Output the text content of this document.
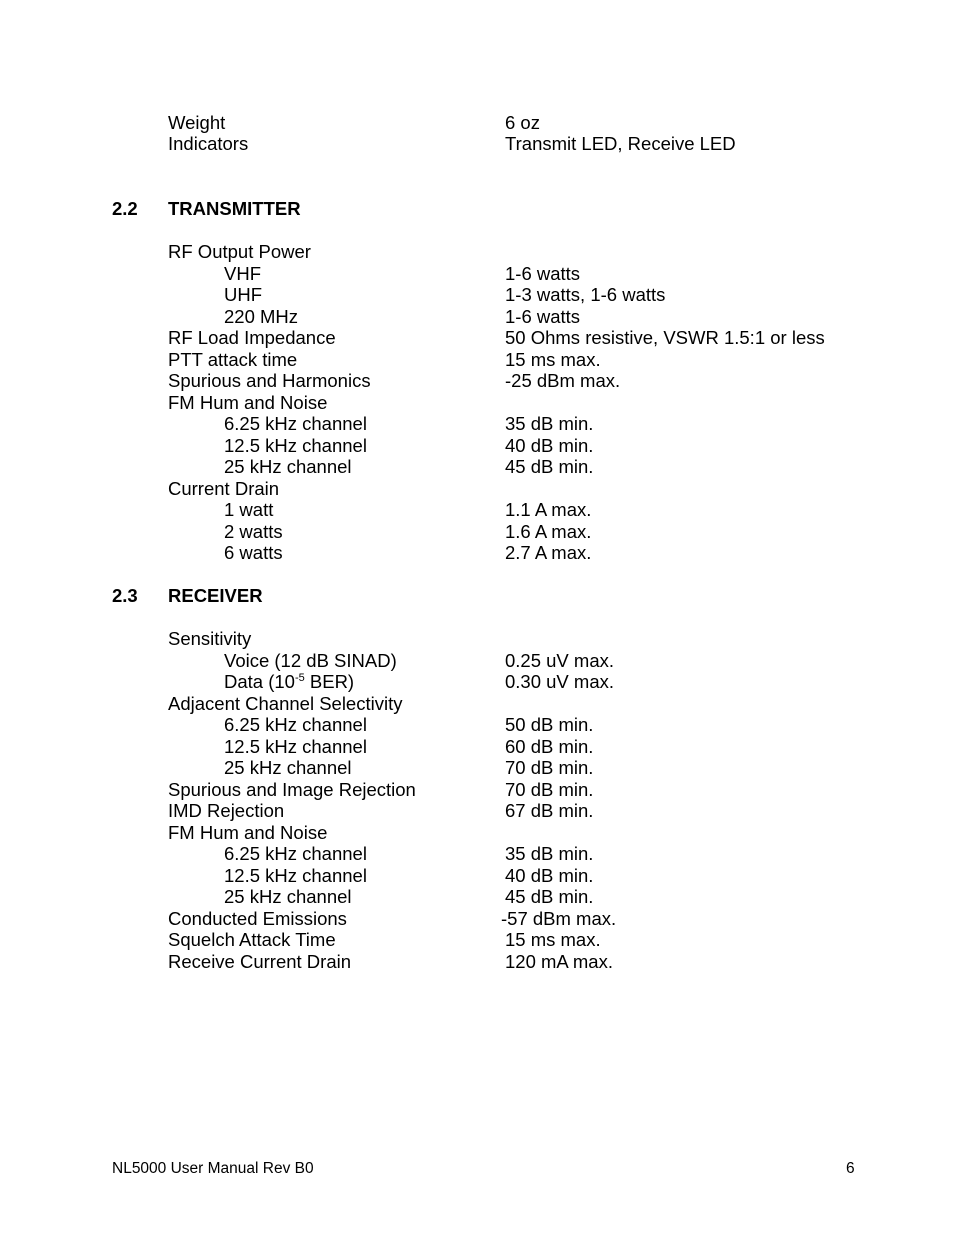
Weight	6 oz
Indicators	Transmit LED, Receive LED
2.2 TRANSMITTER
RF Output Power
VHF	1-6 watts
UHF	1-3 watts, 1-6 watts
220 MHz	1-6 watts
RF Load Impedance	50 Ohms resistive, VSWR 1.5:1 or less
PTT attack time	15 ms max.
Spurious and Harmonics	-25 dBm max.
FM Hum and Noise
6.25 kHz channel	35 dB min.
12.5 kHz channel	40 dB min.
25 kHz channel	45 dB min.
Current Drain
1 watt	1.1 A max.
2 watts	1.6 A max.
6 watts	2.7 A max.
2.3 RECEIVER
Sensitivity
Voice (12 dB SINAD)	0.25 uV max.
Data ($10^{-5}$ BER)	0.30 uV max.
Adjacent Channel Selectivity
6.25 kHz channel	50 dB min.
12.5 kHz channel	60 dB min.
25 kHz channel	70 dB min.
Spurious and Image Rejection	70 dB min.
IMD Rejection	67 dB min.
FM Hum and Noise
6.25 kHz channel	35 dB min.
12.5 kHz channel	40 dB min.
25 kHz channel	45 dB min.
Conducted Emissions	-57 dBm max.
Squelch Attack Time	15 ms max.
Receive Current Drain	120 mA max.
NL5000 User Manual Rev B0	6
